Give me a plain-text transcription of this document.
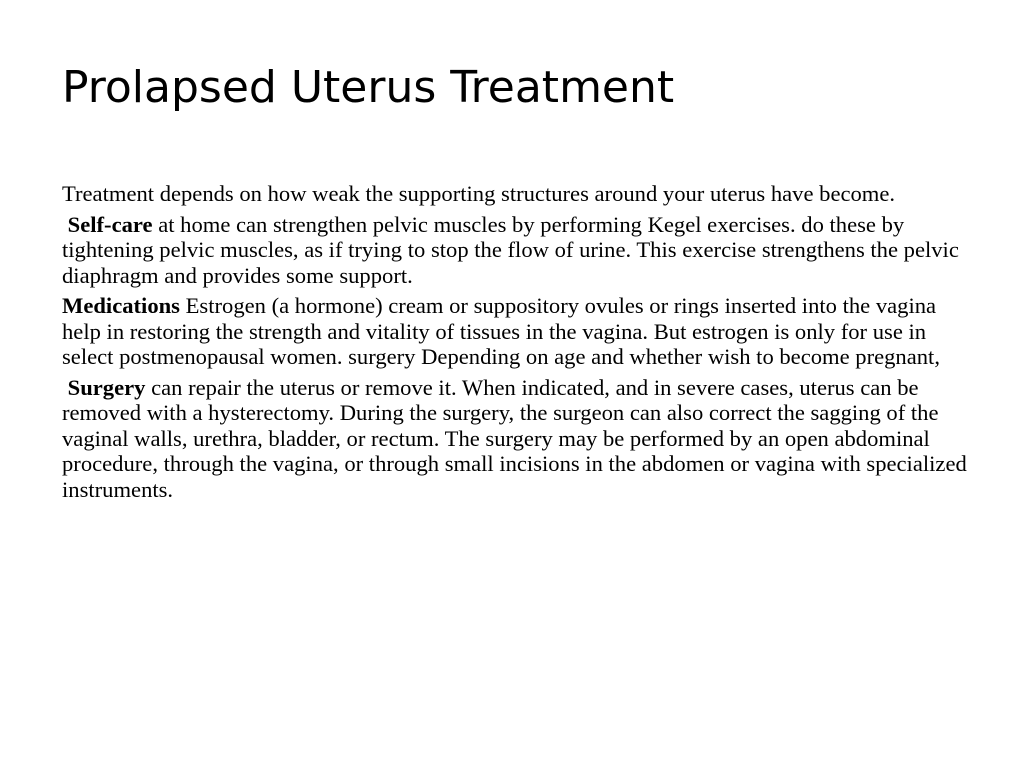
Prolapsed Uterus Treatment

Treatment depends on how weak the supporting structures around your uterus have become.

Self-care at home can strengthen pelvic muscles by performing Kegel exercises. do these by tightening pelvic muscles, as if trying to stop the flow of urine. This exercise strengthens the pelvic diaphragm and provides some support.

Medications Estrogen (a hormone) cream or suppository ovules or rings inserted into the vagina help in restoring the strength and vitality of tissues in the vagina. But estrogen is only for use in select postmenopausal women. surgery Depending on age and whether wish to become pregnant,

Surgery can repair the uterus or remove it. When indicated, and in severe cases, uterus can be removed with a hysterectomy. During the surgery, the surgeon can also correct the sagging of the vaginal walls, urethra, bladder, or rectum. The surgery may be performed by an open abdominal procedure, through the vagina, or through small incisions in the abdomen or vagina with specialized instruments.
